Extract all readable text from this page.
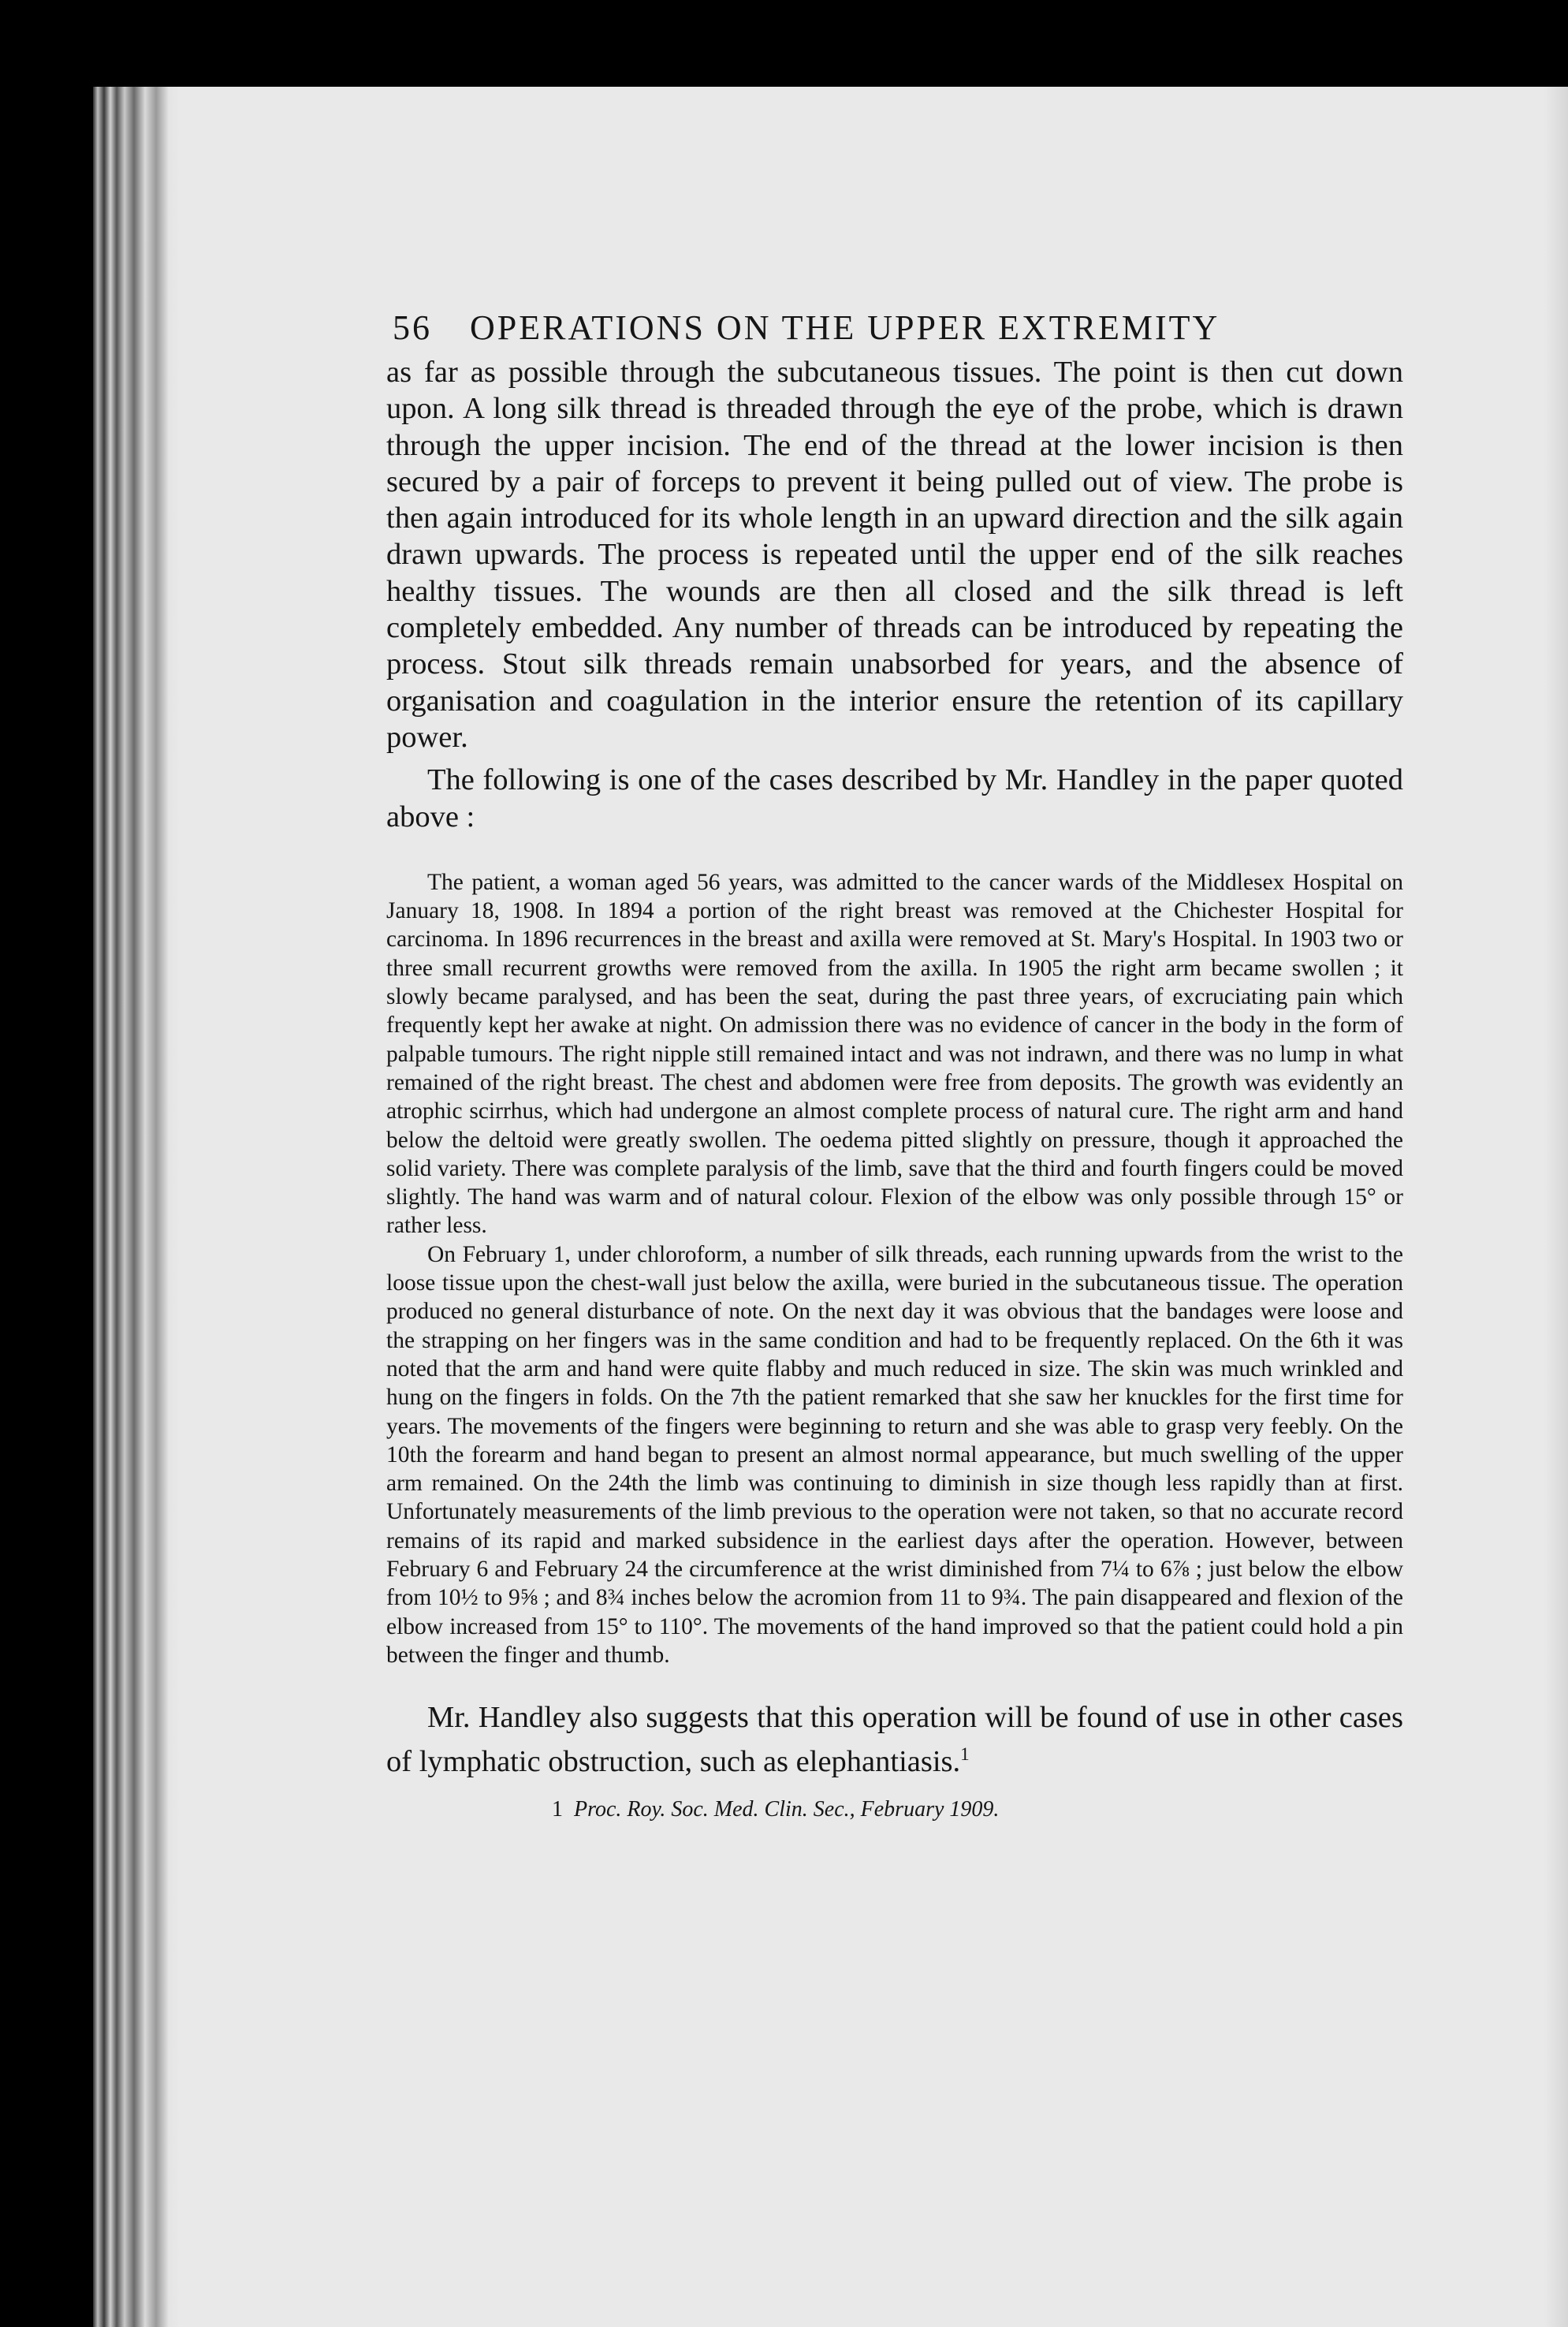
56 OPERATIONS ON THE UPPER EXTREMITY

as far as possible through the subcutaneous tissues. The point is then cut down upon. A long silk thread is threaded through the eye of the probe, which is drawn through the upper incision. The end of the thread at the lower incision is then secured by a pair of forceps to prevent it being pulled out of view. The probe is then again introduced for its whole length in an upward direction and the silk again drawn upwards. The process is repeated until the upper end of the silk reaches healthy tissues. The wounds are then all closed and the silk thread is left completely embedded. Any number of threads can be introduced by repeating the process. Stout silk threads remain unabsorbed for years, and the absence of organisation and coagulation in the interior ensure the retention of its capillary power.

The following is one of the cases described by Mr. Handley in the paper quoted above :

The patient, a woman aged 56 years, was admitted to the cancer wards of the Middlesex Hospital on January 18, 1908. In 1894 a portion of the right breast was removed at the Chichester Hospital for carcinoma. In 1896 recurrences in the breast and axilla were removed at St. Mary's Hospital. In 1903 two or three small recurrent growths were removed from the axilla. In 1905 the right arm became swollen ; it slowly became paralysed, and has been the seat, during the past three years, of excruciating pain which frequently kept her awake at night. On admission there was no evidence of cancer in the body in the form of palpable tumours. The right nipple still remained intact and was not indrawn, and there was no lump in what remained of the right breast. The chest and abdomen were free from deposits. The growth was evidently an atrophic scirrhus, which had undergone an almost complete process of natural cure. The right arm and hand below the deltoid were greatly swollen. The oedema pitted slightly on pressure, though it approached the solid variety. There was complete paralysis of the limb, save that the third and fourth fingers could be moved slightly. The hand was warm and of natural colour. Flexion of the elbow was only possible through 15° or rather less.

On February 1, under chloroform, a number of silk threads, each running upwards from the wrist to the loose tissue upon the chest-wall just below the axilla, were buried in the subcutaneous tissue. The operation produced no general disturbance of note. On the next day it was obvious that the bandages were loose and the strapping on her fingers was in the same condition and had to be frequently replaced. On the 6th it was noted that the arm and hand were quite flabby and much reduced in size. The skin was much wrinkled and hung on the fingers in folds. On the 7th the patient remarked that she saw her knuckles for the first time for years. The movements of the fingers were beginning to return and she was able to grasp very feebly. On the 10th the forearm and hand began to present an almost normal appearance, but much swelling of the upper arm remained. On the 24th the limb was continuing to diminish in size though less rapidly than at first. Unfortunately measurements of the limb previous to the operation were not taken, so that no accurate record remains of its rapid and marked subsidence in the earliest days after the operation. However, between February 6 and February 24 the circumference at the wrist diminished from 7¼ to 6⅞ ; just below the elbow from 10½ to 9⅝ ; and 8¾ inches below the acromion from 11 to 9¾. The pain disappeared and flexion of the elbow increased from 15° to 110°. The movements of the hand improved so that the patient could hold a pin between the finger and thumb.

Mr. Handley also suggests that this operation will be found of use in other cases of lymphatic obstruction, such as elephantiasis.$^1$

1 Proc. Roy. Soc. Med. Clin. Sec., February 1909.
